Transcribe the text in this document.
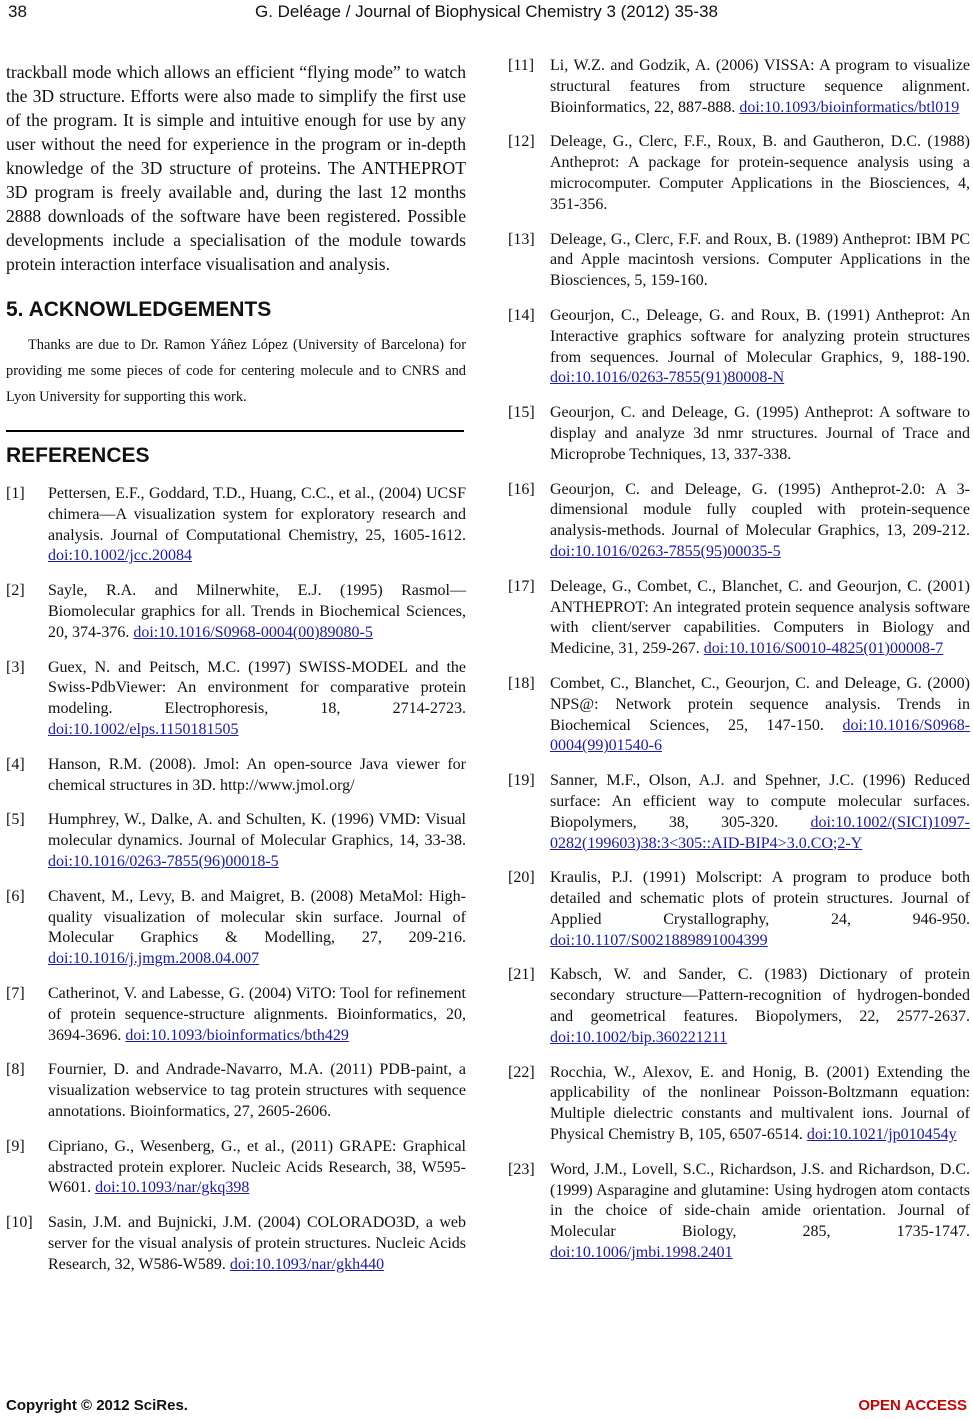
38	G. Deléage / Journal of Biophysical Chemistry 3 (2012) 35-38

trackball mode which allows an efficient “flying mode” to watch the 3D structure. Efforts were also made to simplify the first use of the program. It is simple and intuitive enough for use by any user without the need for experience in the program or in-depth knowledge of the 3D structure of proteins. The ANTHEPROT 3D program is freely available and, during the last 12 months 2888 downloads of the software have been registered. Possible developments include a specialisation of the module towards protein interaction interface visualisation and analysis.

5. ACKNOWLEDGEMENTS

Thanks are due to Dr. Ramon Yáñez López (University of Barcelona) for providing me some pieces of code for centering molecule and to CNRS and Lyon University for supporting this work.

REFERENCES
[1] Pettersen, E.F., Goddard, T.D., Huang, C.C., et al., (2004) UCSF chimera—A visualization system for exploratory research and analysis. Journal of Computational Chemistry, 25, 1605-1612. doi:10.1002/jcc.20084
[2] Sayle, R.A. and Milnerwhite, E.J. (1995) Rasmol—Biomolecular graphics for all. Trends in Biochemical Sciences, 20, 374-376. doi:10.1016/S0968-0004(00)89080-5
[3] Guex, N. and Peitsch, M.C. (1997) SWISS-MODEL and the Swiss-PdbViewer: An environment for comparative protein modeling. Electrophoresis, 18, 2714-2723. doi:10.1002/elps.1150181505
[4] Hanson, R.M. (2008). Jmol: An open-source Java viewer for chemical structures in 3D. http://www.jmol.org/
[5] Humphrey, W., Dalke, A. and Schulten, K. (1996) VMD: Visual molecular dynamics. Journal of Molecular Graphics, 14, 33-38. doi:10.1016/0263-7855(96)00018-5
[6] Chavent, M., Levy, B. and Maigret, B. (2008) MetaMol: High-quality visualization of molecular skin surface. Journal of Molecular Graphics & Modelling, 27, 209-216. doi:10.1016/j.jmgm.2008.04.007
[7] Catherinot, V. and Labesse, G. (2004) ViTO: Tool for refinement of protein sequence-structure alignments. Bioinformatics, 20, 3694-3696. doi:10.1093/bioinformatics/bth429
[8] Fournier, D. and Andrade-Navarro, M.A. (2011) PDB-paint, a visualization webservice to tag protein structures with sequence annotations. Bioinformatics, 27, 2605-2606.
[9] Cipriano, G., Wesenberg, G., et al., (2011) GRAPE: Graphical abstracted protein explorer. Nucleic Acids Research, 38, W595-W601. doi:10.1093/nar/gkq398
[10] Sasin, J.M. and Bujnicki, J.M. (2004) COLORADO3D, a web server for the visual analysis of protein structures. Nucleic Acids Research, 32, W586-W589. doi:10.1093/nar/gkh440
[11] Li, W.Z. and Godzik, A. (2006) VISSA: A program to visualize structural features from structure sequence alignment. Bioinformatics, 22, 887-888. doi:10.1093/bioinformatics/btl019
[12] Deleage, G., Clerc, F.F., Roux, B. and Gautheron, D.C. (1988) Antheprot: A package for protein-sequence analysis using a microcomputer. Computer Applications in the Biosciences, 4, 351-356.
[13] Deleage, G., Clerc, F.F. and Roux, B. (1989) Antheprot: IBM PC and Apple macintosh versions. Computer Applications in the Biosciences, 5, 159-160.
[14] Geourjon, C., Deleage, G. and Roux, B. (1991) Antheprot: An Interactive graphics software for analyzing protein structures from sequences. Journal of Molecular Graphics, 9, 188-190. doi:10.1016/0263-7855(91)80008-N
[15] Geourjon, C. and Deleage, G. (1995) Antheprot: A software to display and analyze 3d nmr structures. Journal of Trace and Microprobe Techniques, 13, 337-338.
[16] Geourjon, C. and Deleage, G. (1995) Antheprot-2.0: A 3-dimensional module fully coupled with protein-sequence analysis-methods. Journal of Molecular Graphics, 13, 209-212. doi:10.1016/0263-7855(95)00035-5
[17] Deleage, G., Combet, C., Blanchet, C. and Geourjon, C. (2001) ANTHEPROT: An integrated protein sequence analysis software with client/server capabilities. Computers in Biology and Medicine, 31, 259-267. doi:10.1016/S0010-4825(01)00008-7
[18] Combet, C., Blanchet, C., Geourjon, C. and Deleage, G. (2000) NPS@: Network protein sequence analysis. Trends in Biochemical Sciences, 25, 147-150. doi:10.1016/S0968-0004(99)01540-6
[19] Sanner, M.F., Olson, A.J. and Spehner, J.C. (1996) Reduced surface: An efficient way to compute molecular surfaces. Biopolymers, 38, 305-320. doi:10.1002/(SICI)1097-0282(199603)38:3<305::AID-BIP4>3.0.CO;2-Y
[20] Kraulis, P.J. (1991) Molscript: A program to produce both detailed and schematic plots of protein structures. Journal of Applied Crystallography, 24, 946-950. doi:10.1107/S0021889891004399
[21] Kabsch, W. and Sander, C. (1983) Dictionary of protein secondary structure—Pattern-recognition of hydrogen-bonded and geometrical features. Biopolymers, 22, 2577-2637. doi:10.1002/bip.360221211
[22] Rocchia, W., Alexov, E. and Honig, B. (2001) Extending the applicability of the nonlinear Poisson-Boltzmann equation: Multiple dielectric constants and multivalent ions. Journal of Physical Chemistry B, 105, 6507-6514. doi:10.1021/jp010454y
[23] Word, J.M., Lovell, S.C., Richardson, J.S. and Richardson, D.C. (1999) Asparagine and glutamine: Using hydrogen atom contacts in the choice of side-chain amide orientation. Journal of Molecular Biology, 285, 1735-1747. doi:10.1006/jmbi.1998.2401
Copyright © 2012 SciRes.	OPEN ACCESS
